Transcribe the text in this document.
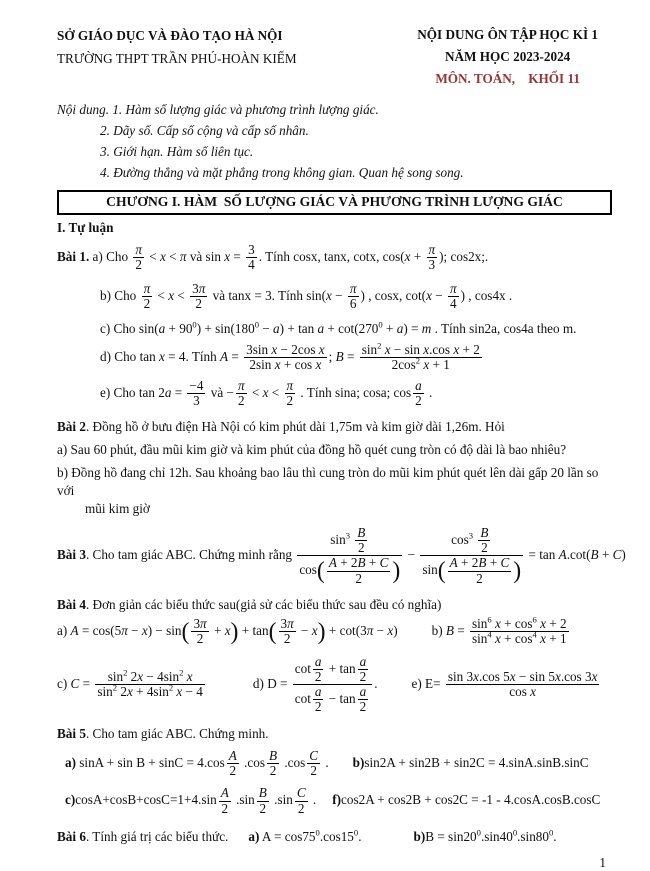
SỞ GIÁO DỤC VÀ ĐÀO TẠO HÀ NỘI
TRƯỜNG THPT TRẦN PHÚ-HOÀN KIẾM
NỘI DUNG ÔN TẬP HỌC KÌ 1
NĂM HỌC 2023-2024
MÔN. TOÁN,    KHỐI 11
Nội dung. 1. Hàm số lượng giác và phương trình lượng giác.
2. Dãy số. Cấp số cộng và cấp số nhân.
3. Giới hạn. Hàm số liên tục.
4. Đường thẳng và mặt phẳng trong không gian. Quan hệ song song.
CHƯƠNG I. HÀM  SỐ LƯỢNG GIÁC VÀ PHƯƠNG TRÌNH LƯỢNG GIÁC
I. Tự luận
Bài 1. a) Cho $\frac{\pi}{2} < x < \pi$ và $\sin x = \frac{3}{4}$ . Tính cosx, tanx, cotx, $\cos(x + \frac{\pi}{3}$ ); cos2x;.
b) Cho $\frac{\pi}{2} < x < \frac{3\pi}{2}$ và tanx = 3. Tính $\sin(x - \frac{\pi}{6}$ ) , cosx, $\cot(x - \frac{\pi}{4}$ ) , cos4x .
c) Cho $\sin(a + 90^0) + \sin(180^0 - a) + \tan a + \cot(270^0 + a) = m$ . Tính sin2a, cos4a theo m.
d) Cho tan x = 4. Tính $A = \frac{\text{3sin x − 2cos x}}{\text{2sin x + cos x}}$ ; $B = \frac{\sin^2 x - \sin x.\cos x + 2}{2\cos^2 x + 1}$
e) Cho $\tan 2a = \frac{-4}{3}$ và − $\frac{\pi}{2} < x < \frac{\pi}{2}$ . Tính sina; cosa; $\cos \frac{a}{2}$ .
Bài 2. Đồng hồ ở bưu điện Hà Nội có kim phút dài 1,75m và kim giờ dài 1,26m. Hỏi
a) Sau 60 phút, đầu mũi kim giờ và kim phút của đồng hồ quét cung tròn có độ dài là bao nhiêu?
b) Đồng hồ đang chỉ 12h. Sau khoảng bao lâu thì cung tròn do mũi kim phút quét lên dài gấp 20 lần so với
mũi kim giờ
Bài 3. Cho tam giác ABC. Chứng minh rằng $\frac{\sin^3 \frac{B}{2}}{\cos ( \frac{A + 2B + C}{2} )} - \frac{\cos^3 \frac{B}{2}}{\sin ( \frac{A + 2B + C}{2} )} = \tan A.\cot(B + C)$
Bài 4. Đơn giản các biểu thức sau(giả sử các biểu thức sau đều có nghĩa)
a) A = cos(5π − x) − sin ( $\frac{3\pi}{2} + x$ ) + tan ( $\frac{3\pi}{2} - x$ ) + cot(3π − x)	b) $B = \frac{\sin^6 x + \cos^6 x + 2}{\sin^4 x + \cos^4 x + 1}$
c) $C = \frac{\sin^2 2x - 4\sin^2 x}{\sin^2 2x + 4\sin^2 x - 4}$	d) $D = \frac{\cot \frac{a}{2} + \tan \frac{a}{2}}{\cot \frac{a}{2} - \tan \frac{a}{2}}$ .	e) $E= \frac{\sin 3x.\cos 5x - \sin 5x.\cos 3x}{\text{cos x}}$
Bài 5. Cho tam giác ABC. Chứng minh.
a) $\sin A + \sin B + \sin C = 4.\cos \frac{A}{2} .\cos \frac{B}{2} .\cos \frac{C}{2}$ . b)sin2A + sin2B + sin2C = 4.sinA.sinB.sinC
$c)\cos A+\cos B+\cos C=1+4.\sin \frac{A}{2} .\sin \frac{B}{2} .\sin \frac{C}{2}$ . f)cos2A + cos2B + cos2C = -1 - 4.cosA.cosB.cosC
Bài 6. Tính giá trị các biểu thức. a) $A = \cos 75^0.\cos 15^0$.	$b)B = \sin 20^0.\sin 40^0.\sin 80^0$.
1
